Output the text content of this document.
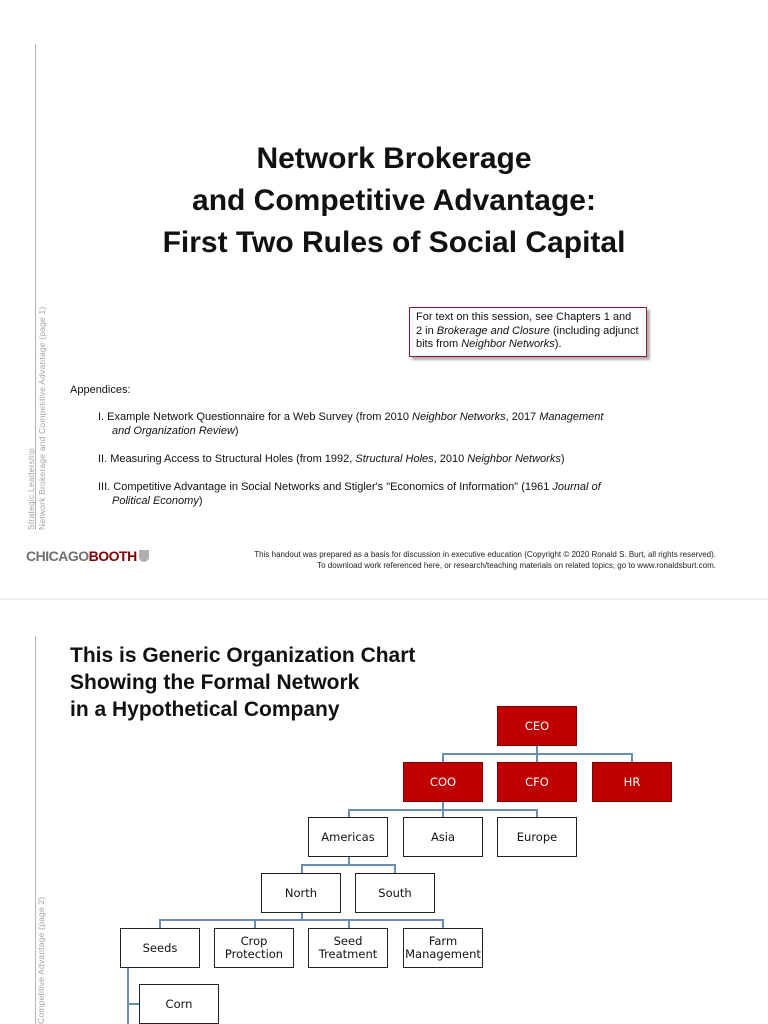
Strategic Leadership Network Brokerage and Competitive Advantage (page 1)
Network Brokerage
and Competitive Advantage:
First Two Rules of Social Capital
For text on this session, see Chapters 1 and 2 in Brokerage and Closure (including adjunct bits from Neighbor Networks).
Appendices:
I. Example Network Questionnaire for a Web Survey (from 2010 Neighbor Networks, 2017 Management
and Organization Review)
II. Measuring Access to Structural Holes (from 1992, Structural Holes, 2010 Neighbor Networks)
III. Competitive Advantage in Social Networks and Stigler's "Economics of Information" (1961 Journal of
Political Economy)
CHICAGOBOOTH	This handout was prepared as a basis for discussion in executive education (Copyright © 2020 Ronald S. Burt, all rights reserved).
To download work referenced here, or research/teaching materials on related topics, go to www.ronaldsburt.com.
Competitive Advantage (page 2)
This is Generic Organization Chart
Showing the Formal Network
in a Hypothetical Company
CEO
COO	CFO	HR
Americas	Asia	Europe
North	South
Seeds	Crop Protection
Seed Treatment
Farm Management
Corn
